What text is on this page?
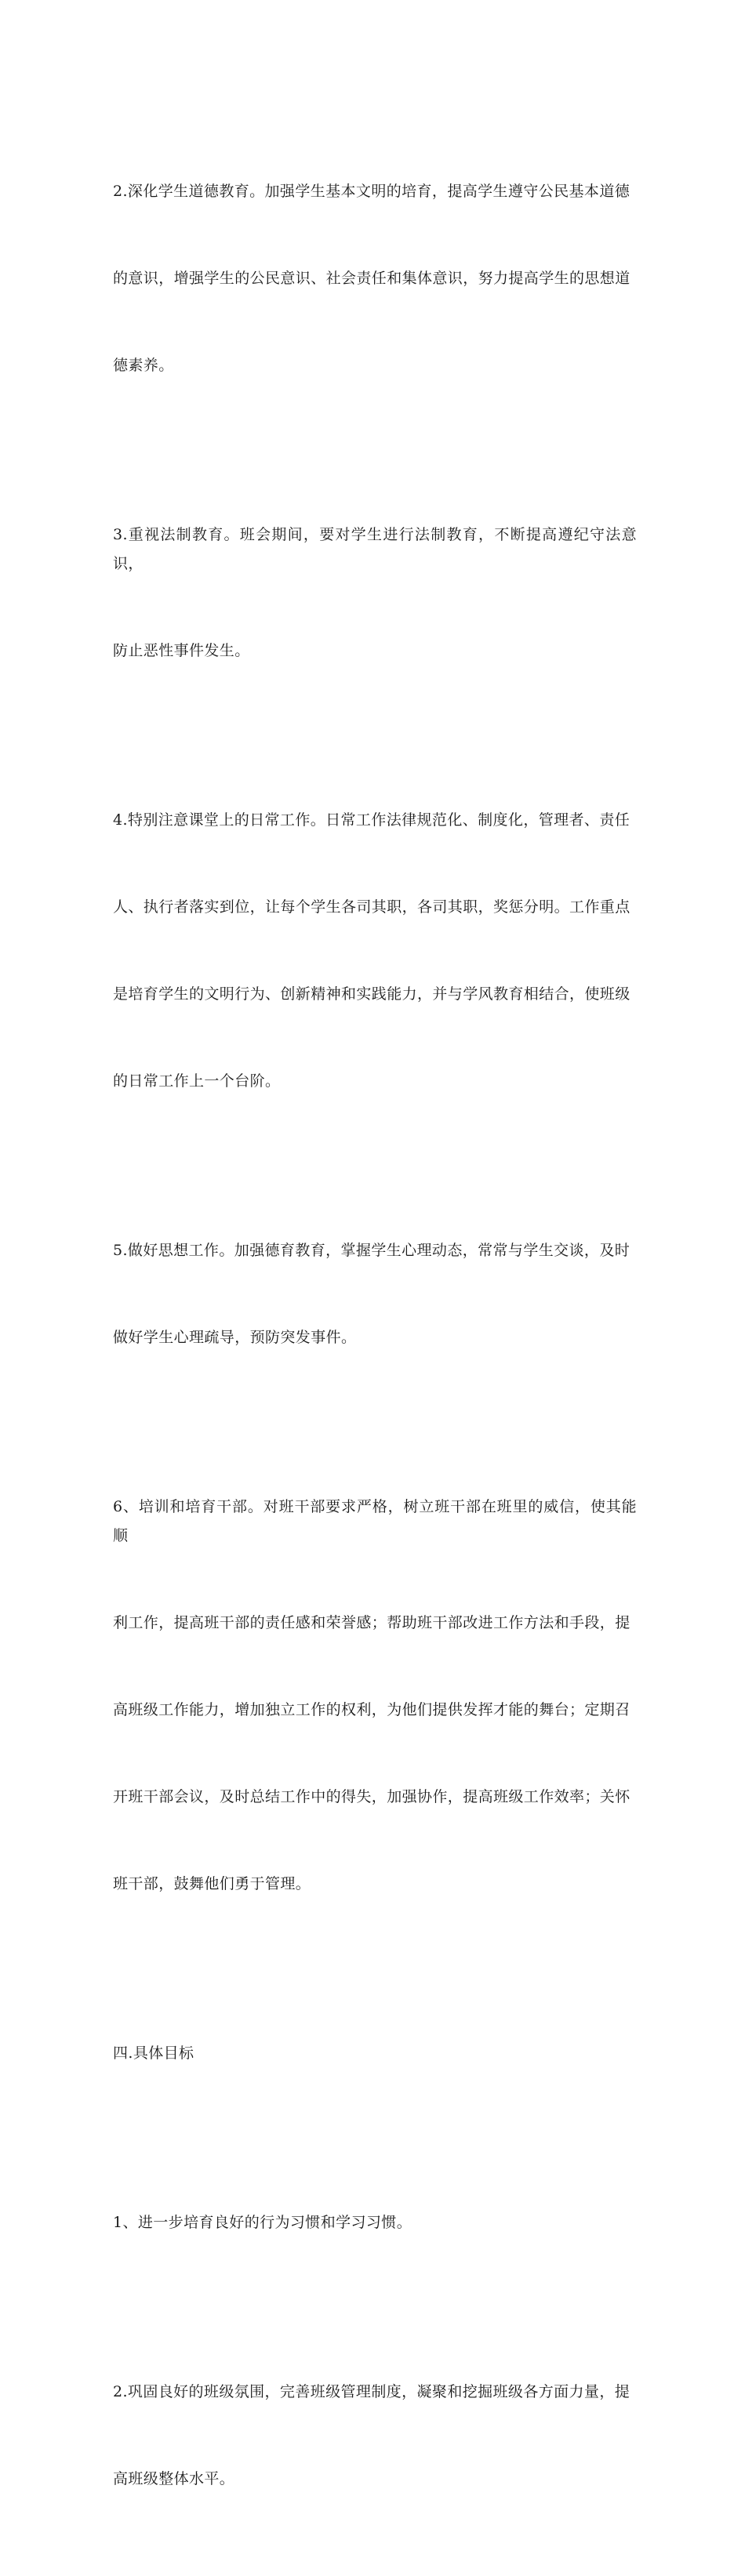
2.深化学生道德教育。加强学生基本文明的培育，提高学生遵守公民基本道德

的意识，增强学生的公民意识、社会责任和集体意识，努力提高学生的思想道

德素养。

3.重视法制教育。班会期间，要对学生进行法制教育，不断提高遵纪守法意识，

防止恶性事件发生。

4.特别注意课堂上的日常工作。日常工作法律规范化、制度化，管理者、责任

人、执行者落实到位，让每个学生各司其职，各司其职，奖惩分明。工作重点

是培育学生的文明行为、创新精神和实践能力，并与学风教育相结合，使班级

的日常工作上一个台阶。

5.做好思想工作。加强德育教育，掌握学生心理动态，常常与学生交谈，及时

做好学生心理疏导，预防突发事件。

6、培训和培育干部。对班干部要求严格，树立班干部在班里的威信，使其能顺

利工作，提高班干部的责任感和荣誉感；帮助班干部改进工作方法和手段，提

高班级工作能力，增加独立工作的权利，为他们提供发挥才能的舞台；定期召

开班干部会议，及时总结工作中的得失，加强协作，提高班级工作效率；关怀

班干部，鼓舞他们勇于管理。

四.具体目标

1、进一步培育良好的行为习惯和学习习惯。

2.巩固良好的班级氛围，完善班级管理制度，凝聚和挖掘班级各方面力量，提

高班级整体水平。
